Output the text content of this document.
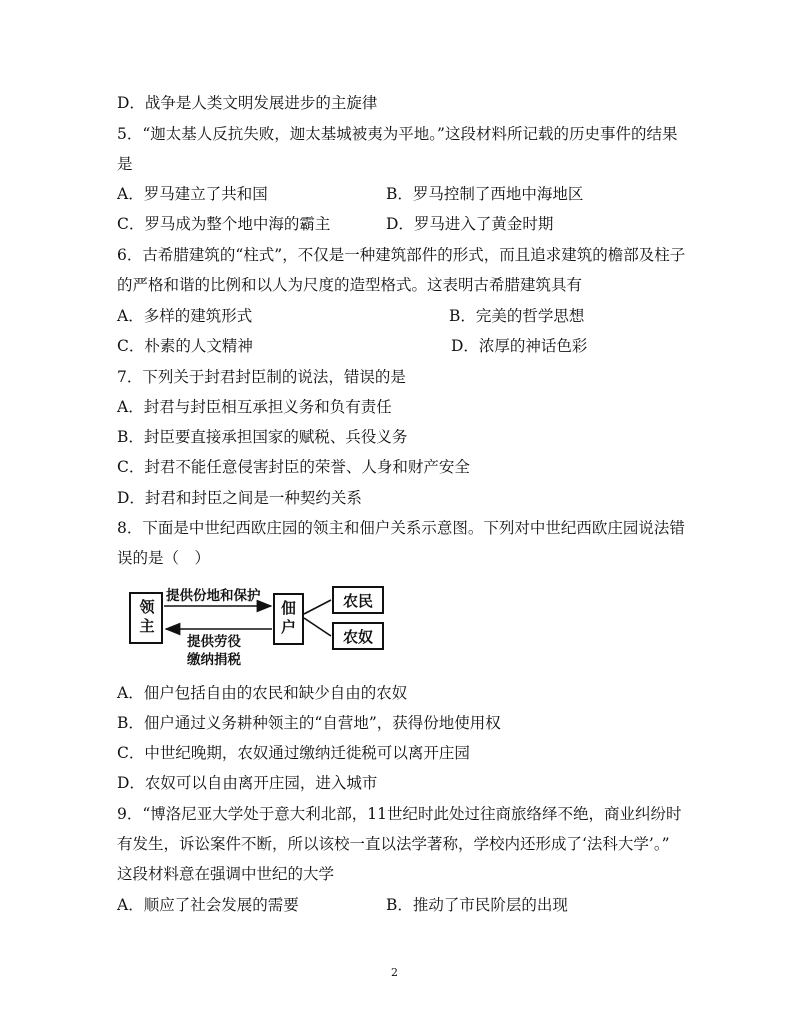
D．战争是人类文明发展进步的主旋律
5．“迦太基人反抗失败，迦太基城被夷为平地。”这段材料所记载的历史事件的结果
是
A．罗马建立了共和国	B．罗马控制了西地中海地区
C．罗马成为整个地中海的霸主	D．罗马进入了黄金时期
6．古希腊建筑的“柱式”，不仅是一种建筑部件的形式，而且追求建筑的檐部及柱子
的严格和谐的比例和以人为尺度的造型格式。这表明古希腊建筑具有
A．多样的建筑形式	B．完美的哲学思想
C．朴素的人文精神	D．浓厚的神话色彩
7．下列关于封君封臣制的说法，错误的是
A．封君与封臣相互承担义务和负有责任
B．封臣要直接承担国家的赋税、兵役义务
C．封君不能任意侵害封臣的荣誉、人身和财产安全
D．封君和封臣之间是一种契约关系
8．下面是中世纪西欧庄园的领主和佃户关系示意图。下列对中世纪西欧庄园说法错
误的是（　）
领主	佃户	农民
农奴
提供份地和保护
提供劳役
缴纳捐税
A．佃户包括自由的农民和缺少自由的农奴
B．佃户通过义务耕种领主的“自营地”，获得份地使用权
C．中世纪晚期，农奴通过缴纳迁徙税可以离开庄园
D．农奴可以自由离开庄园，进入城市
9．“博洛尼亚大学处于意大利北部，11世纪时此处过往商旅络绎不绝，商业纠纷时
有发生，诉讼案件不断，所以该校一直以法学著称，学校内还形成了‘法科大学’。”
这段材料意在强调中世纪的大学
A．顺应了社会发展的需要	B．推动了市民阶层的出现
2
